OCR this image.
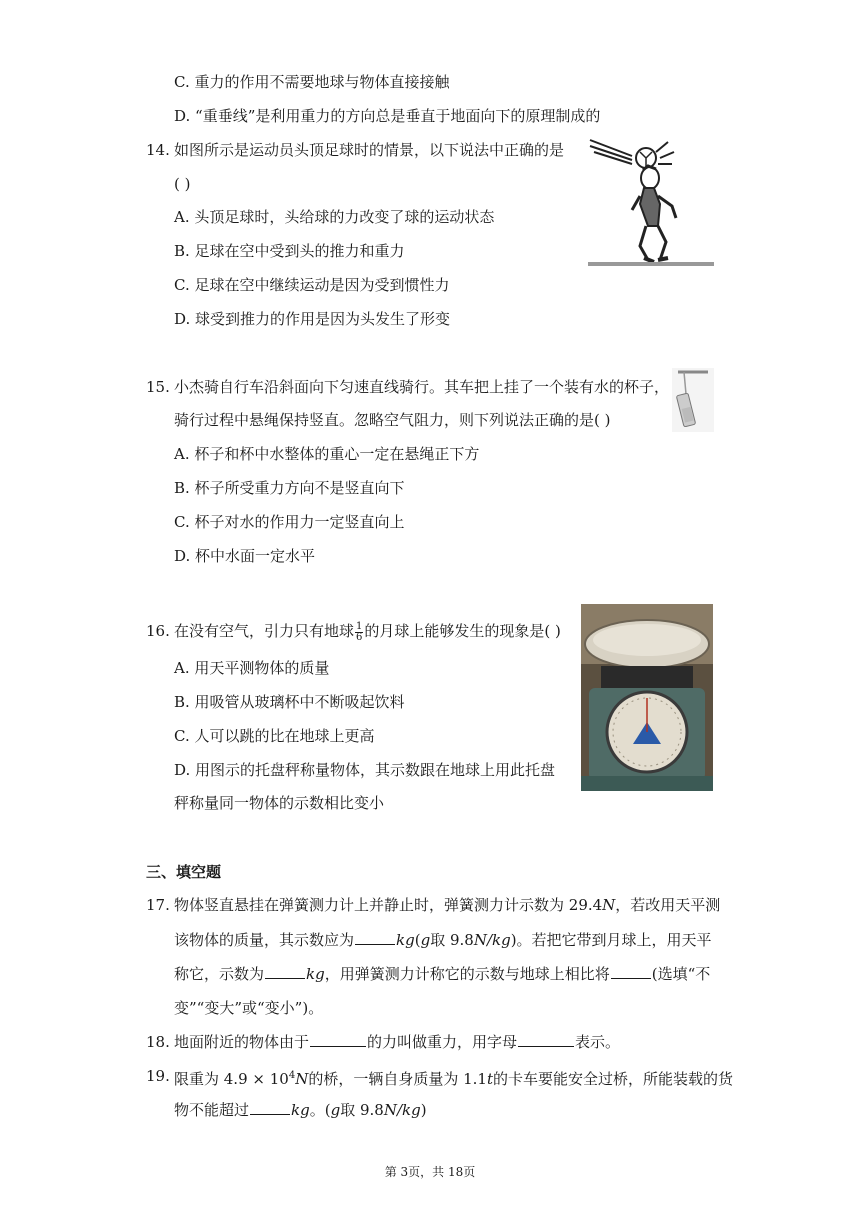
C. 重力的作用不需要地球与物体直接接触
D. “重垂线”是利用重力的方向总是垂直于地面向下的原理制成的
14. 如图所示是运动员头顶足球时的情景，以下说法中正确的是
( )
A. 头顶足球时，头给球的力改变了球的运动状态
B. 足球在空中受到头的推力和重力
C. 足球在空中继续运动是因为受到惯性力
D. 球受到推力的作用是因为头发生了形变
15. 小杰骑自行车沿斜面向下匀速直线骑行。其车把上挂了一个装有水的杯子，
骑行过程中悬绳保持竖直。忽略空气阻力，则下列说法正确的是( )
A. 杯子和杯中水整体的重心一定在悬绳正下方
B. 杯子所受重力方向不是竖直向下
C. 杯子对水的作用力一定竖直向上
D. 杯中水面一定水平
16. 在没有空气，引力只有地球 $\frac{1}{6}$ 的月球上能够发生的现象是( )
A. 用天平测物体的质量
B. 用吸管从玻璃杯中不断吸起饮料
C. 人可以跳的比在地球上更高
D. 用图示的托盘秤称量物体，其示数跟在地球上用此托盘
秤称量同一物体的示数相比变小
三、填空题
17. 物体竖直悬挂在弹簧测力计上并静止时，弹簧测力计示数为 29.4N，若改用天平测
该物体的质量，其示数应为	kg(g取 9.8N/kg)。若把它带到月球上，用天平
称它，示数为	kg，用弹簧测力计称它的示数与地球上相比将	(选填“不
变”“变大”或“变小”)。
18. 地面附近的物体由于	的力叫做重力，用字母	表示。
19. 限重为 $4.9 \times 10^4N$的桥，一辆自身质量为 1.1t的卡车要能安全过桥，所能装载的货
物不能超过	kg。(g取 9.8N/kg)
第 3页，共 18页
